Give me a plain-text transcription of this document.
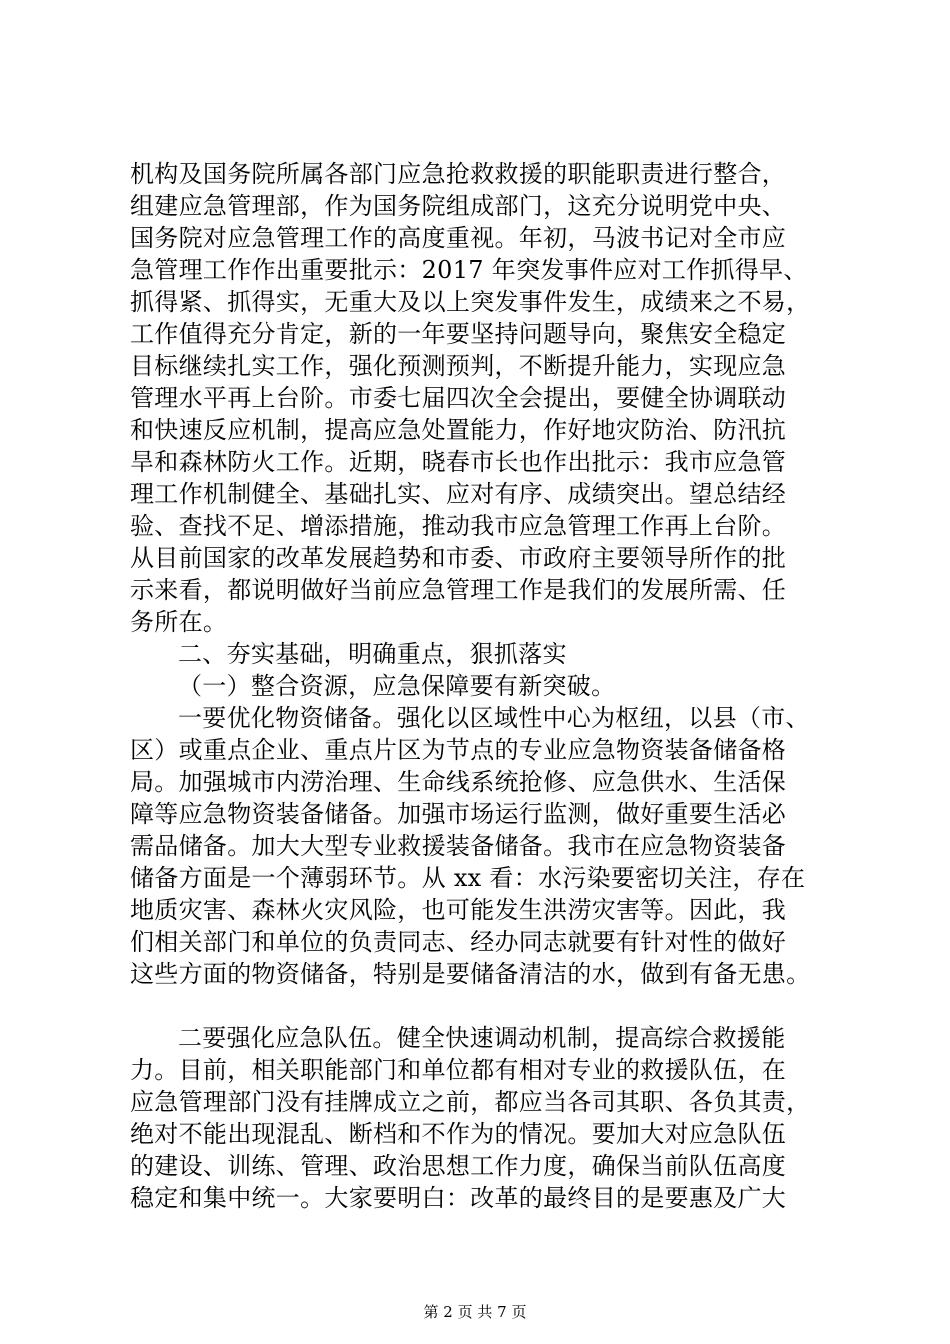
机构及国务院所属各部门应急抢救救援的职能职责进行整合，
组建应急管理部，作为国务院组成部门，这充分说明党中央、
国务院对应急管理工作的高度重视。年初，马波书记对全市应
急管理工作作出重要批示：2017 年突发事件应对工作抓得早、
抓得紧、抓得实，无重大及以上突发事件发生，成绩来之不易，
工作值得充分肯定，新的一年要坚持问题导向，聚焦安全稳定
目标继续扎实工作，强化预测预判，不断提升能力，实现应急
管理水平再上台阶。市委七届四次全会提出，要健全协调联动
和快速反应机制，提高应急处置能力，作好地灾防治、防汛抗
旱和森林防火工作。近期，晓春市长也作出批示：我市应急管
理工作机制健全、基础扎实、应对有序、成绩突出。望总结经
验、查找不足、增添措施，推动我市应急管理工作再上台阶。
从目前国家的改革发展趋势和市委、市政府主要领导所作的批
示来看，都说明做好当前应急管理工作是我们的发展所需、任
务所在。
二、夯实基础，明确重点，狠抓落实
（一）整合资源，应急保障要有新突破。
一要优化物资储备。强化以区域性中心为枢纽，以县（市、
区）或重点企业、重点片区为节点的专业应急物资装备储备格
局。加强城市内涝治理、生命线系统抢修、应急供水、生活保
障等应急物资装备储备。加强市场运行监测，做好重要生活必
需品储备。加大大型专业救援装备储备。我市在应急物资装备
储备方面是一个薄弱环节。从 xx 看：水污染要密切关注，存在
地质灾害、森林火灾风险，也可能发生洪涝灾害等。因此，我
们相关部门和单位的负责同志、经办同志就要有针对性的做好
这些方面的物资储备，特别是要储备清洁的水，做到有备无患。
二要强化应急队伍。健全快速调动机制，提高综合救援能
力。目前，相关职能部门和单位都有相对专业的救援队伍，在
应急管理部门没有挂牌成立之前，都应当各司其职、各负其责，
绝对不能出现混乱、断档和不作为的情况。要加大对应急队伍
的建设、训练、管理、政治思想工作力度，确保当前队伍高度
稳定和集中统一。大家要明白：改革的最终目的是要惠及广大
第 2 页 共 7 页
